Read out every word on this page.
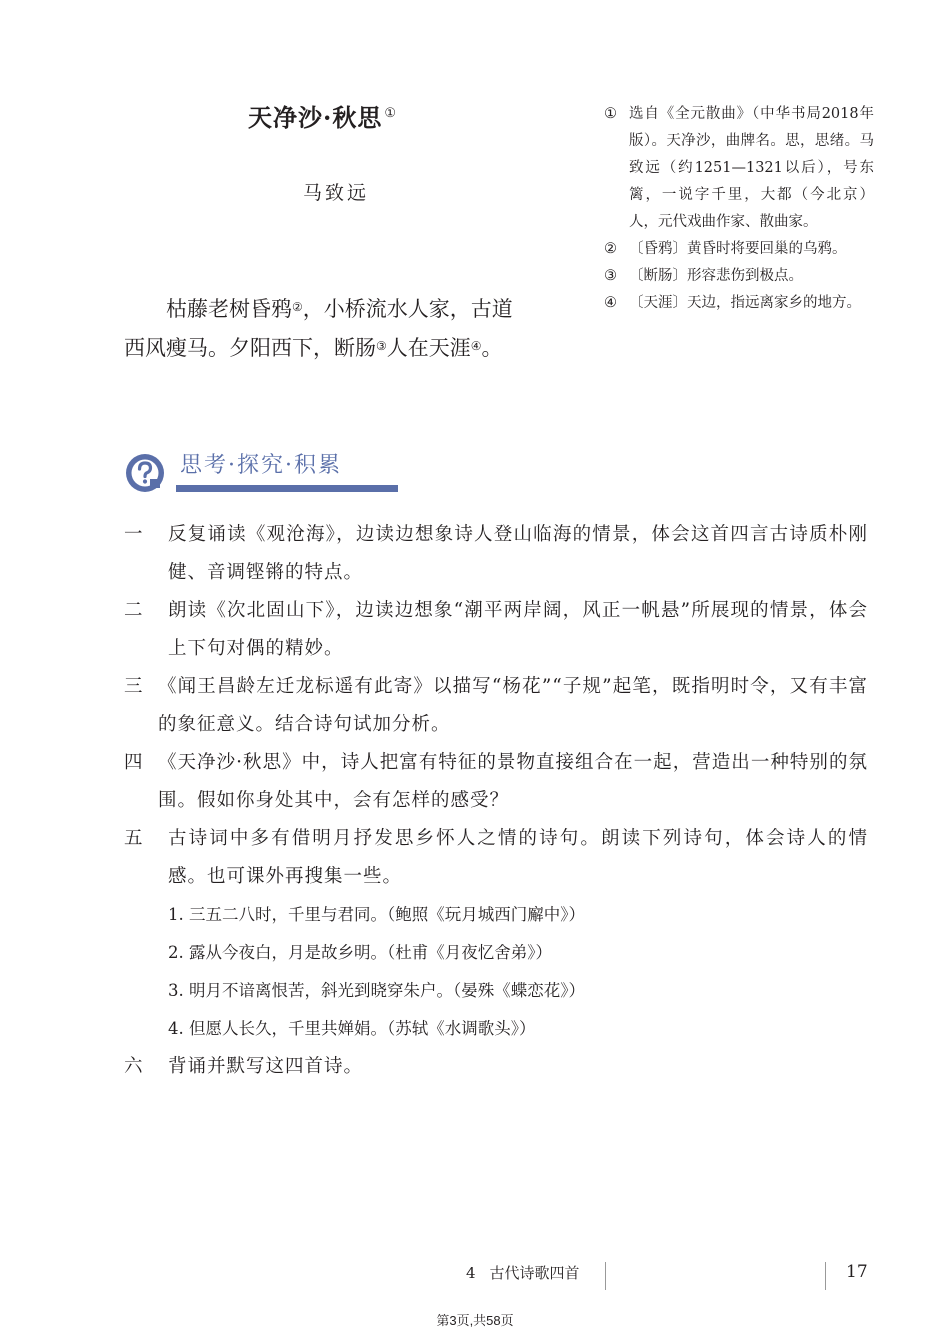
天净沙·秋思 ①
马致远

枯藤老树昏鸦②，小桥流水人家，古道

西风瘦马。夕阳西下，断肠③人在天涯④。

① 选自《全元散曲》（中华书局2018年版）。天净沙，曲牌名。思，思绪。马致远（约1251—1321以后），号东篱，一说字千里，大都（今北京）人，元代戏曲作家、散曲家。
② 〔昏鸦〕黄昏时将要回巢的乌鸦。
③ 〔断肠〕形容悲伤到极点。
④ 〔天涯〕天边，指远离家乡的地方。
思考·探究·积累
一	反复诵读《观沧海》，边读边想象诗人登山临海的情景，体会这首四言古诗质朴刚健、音调铿锵的特点。
二	朗读《次北固山下》，边读边想象“潮平两岸阔，风正一帆悬”所展现的情景，体会上下句对偶的精妙。
三 《闻王昌龄左迁龙标遥有此寄》以描写“杨花”“子规”起笔，既指明时令，又有丰富的象征意义。结合诗句试加分析。
四 《天净沙·秋思》中，诗人把富有特征的景物直接组合在一起，营造出一种特别的氛围。假如你身处其中，会有怎样的感受？
五	古诗词中多有借明月抒发思乡怀人之情的诗句。朗读下列诗句，体会诗人的情感。也可课外再搜集一些。
1. 三五二八时，千里与君同。（鲍照《玩月城西门廨中》）
2. 露从今夜白，月是故乡明。（杜甫《月夜忆舍弟》）
3. 明月不谙离恨苦，斜光到晓穿朱户。（晏殊《蝶恋花》）
4. 但愿人长久，千里共婵娟。（苏轼《水调歌头》）
六	背诵并默写这四首诗。
4 古代诗歌四首	17
第3页,共58页
